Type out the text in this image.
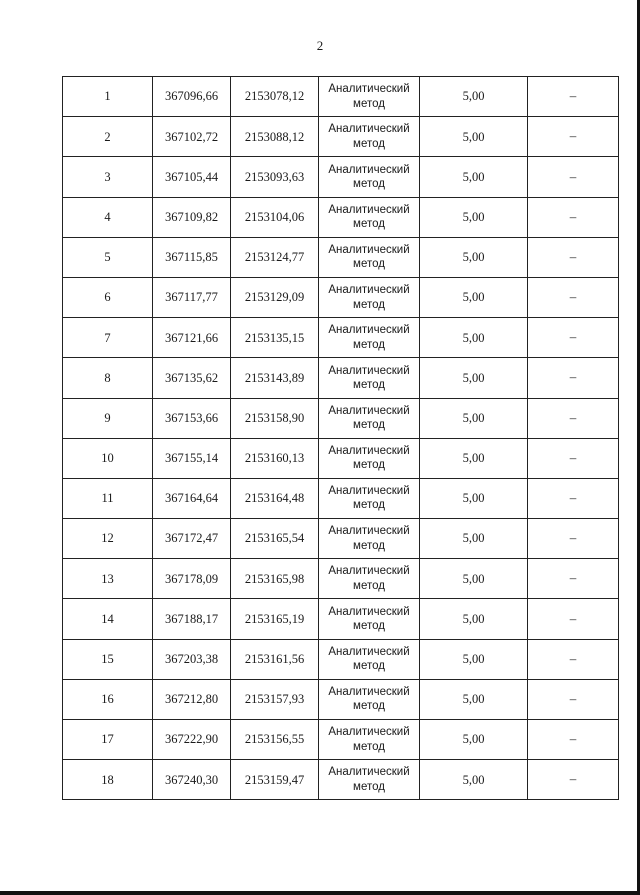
2
1	367096,66	2153078,12	Аналитический метод	5,00	–
2	367102,72	2153088,12	Аналитический метод	5,00	–
3	367105,44	2153093,63	Аналитический метод	5,00	–
4	367109,82	2153104,06	Аналитический метод	5,00	–
5	367115,85	2153124,77	Аналитический метод	5,00	–
6	367117,77	2153129,09	Аналитический метод	5,00	–
7	367121,66	2153135,15	Аналитический метод	5,00	–
8	367135,62	2153143,89	Аналитический метод	5,00	–
9	367153,66	2153158,90	Аналитический метод	5,00	–
10	367155,14	2153160,13	Аналитический метод	5,00	–
11	367164,64	2153164,48	Аналитический метод	5,00	–
12	367172,47	2153165,54	Аналитический метод	5,00	–
13	367178,09	2153165,98	Аналитический метод	5,00	–
14	367188,17	2153165,19	Аналитический метод	5,00	–
15	367203,38	2153161,56	Аналитический метод	5,00	–
16	367212,80	2153157,93	Аналитический метод	5,00	–
17	367222,90	2153156,55	Аналитический метод	5,00	–
18	367240,30	2153159,47	Аналитический метод	5,00	–
